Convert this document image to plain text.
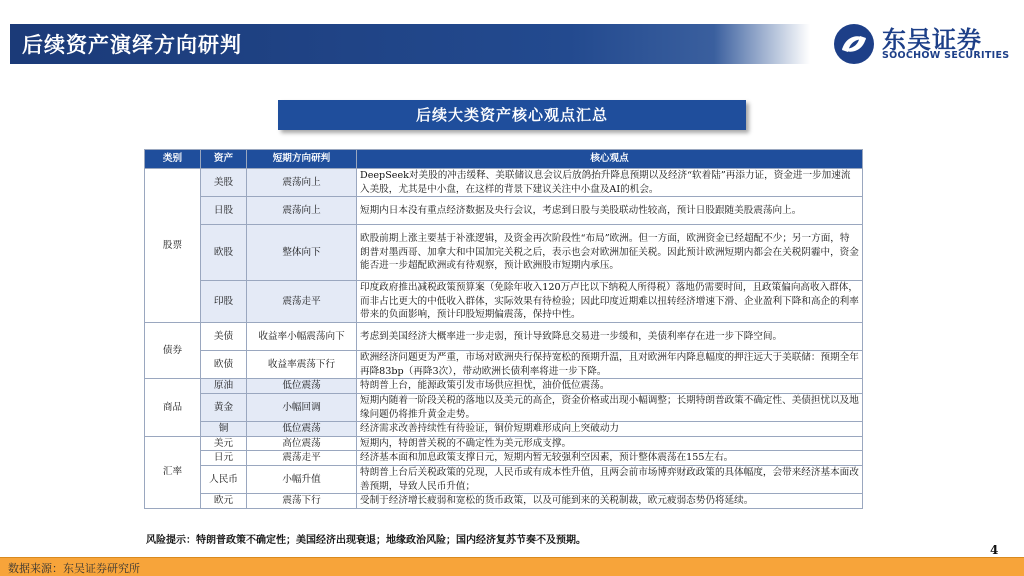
后续资产演绎方向研判	东吴证券
SOOCHOW SECURITIES
后续大类资产核心观点汇总
类别	资产	短期方向研判	核心观点
股票	美股	震荡向上	DeepSeek对美股的冲击缓释、美联储议息会议后放鸽抬升降息预期以及经济“软着陆”再添力证，资金进一步加速流入美股，尤其是中小盘，在这样的背景下建议关注中小盘及AI的机会。
	日股	震荡向上	短期内日本没有重点经济数据及央行会议，考虑到日股与美股联动性较高，预计日股跟随美股震荡向上。
	欧股	整体向下	欧股前期上涨主要基于补涨逻辑，及资金再次阶段性“布局”欧洲。但一方面，欧洲资金已经超配不少；另一方面，特朗普对墨西哥、加拿大和中国加完关税之后，表示也会对欧洲加征关税。因此预计欧洲短期内都会在关税阴霾中，资金能否进一步超配欧洲或有待观察，预计欧洲股市短期内承压。
	印股	震荡走平	印度政府推出减税政策预算案（免除年收入120万卢比以下纳税人所得税）落地仍需要时间，且政策偏向高收入群体，而非占比更大的中低收入群体，实际效果有待检验；因此印度近期难以扭转经济增速下滑、企业盈利下降和高企的利率带来的负面影响，预计印股短期偏震荡，保持中性。
债券	美债	收益率小幅震荡向下	考虑到美国经济大概率进一步走弱，预计导致降息交易进一步缓和，美债利率存在进一步下降空间。
	欧债	收益率震荡下行	欧洲经济问题更为严重，市场对欧洲央行保持宽松的预期升温，且对欧洲年内降息幅度的押注远大于美联储：预期全年再降83bp（再降3次），带动欧洲长债利率将进一步下降。
商品	原油	低位震荡	特朗普上台，能源政策引发市场供应担忧，油价低位震荡。
	黄金	小幅回调	短期内随着一阶段关税的落地以及美元的高企，资金价格或出现小幅调整；长期特朗普政策不确定性、美债担忧以及地缘问题仍将推升黄金走势。
	铜	低位震荡	经济需求改善持续性有待验证，铜价短期难形成向上突破动力
汇率	美元	高位震荡	短期内，特朗普关税的不确定性为美元形成支撑。
	日元	震荡走平	经济基本面和加息政策支撑日元，短期内暂无较强利空因素，预计整体震荡在155左右。
	人民币	小幅升值	特朗普上台后关税政策的兑现，人民币或有成本性升值，且两会前市场博弈财政政策的具体幅度，会带来经济基本面改善预期，导致人民币升值；
	欧元	震荡下行	受制于经济增长疲弱和宽松的货币政策，以及可能到来的关税制裁，欧元疲弱态势仍将延续。
风险提示：特朗普政策不确定性；美国经济出现衰退；地缘政治风险；国内经济复苏节奏不及预期。
4
数据来源：东吴证券研究所
